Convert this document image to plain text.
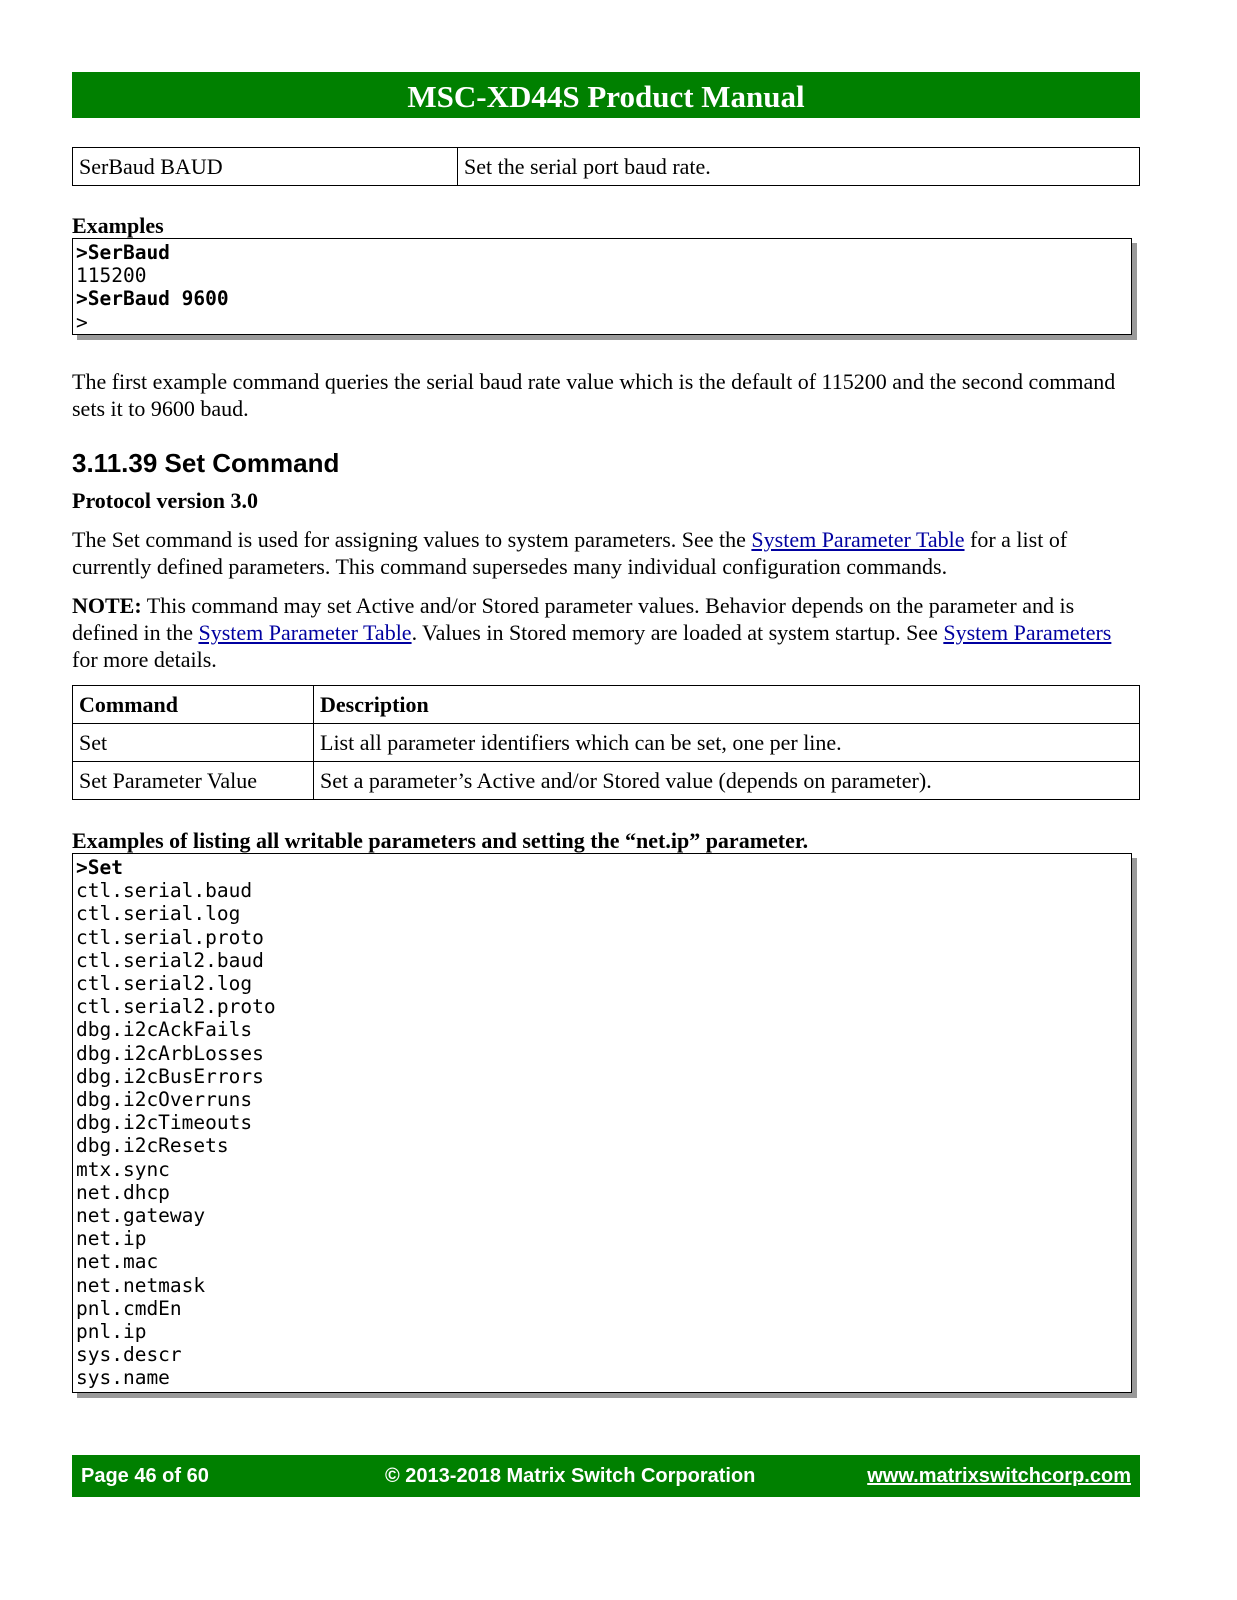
MSC-XD44S Product Manual
SerBaud BAUD	Set the serial port baud rate.
Examples
>SerBaud
115200
>SerBaud 9600
>

The first example command queries the serial baud rate value which is the default of 115200 and the second command sets it to 9600 baud.

3.11.39 Set Command

Protocol version 3.0

The Set command is used for assigning values to system parameters. See the System Parameter Table for a list of currently defined parameters. This command supersedes many individual configuration commands.

NOTE: This command may set Active and/or Stored parameter values. Behavior depends on the parameter and is defined in the System Parameter Table. Values in Stored memory are loaded at system startup. See System Parameters for more details.

Command	Description
Set	List all parameter identifiers which can be set, one per line.
Set Parameter Value	Set a parameter’s Active and/or Stored value (depends on parameter).
Examples of listing all writable parameters and setting the “net.ip” parameter.
>Set
ctl.serial.baud
ctl.serial.log
ctl.serial.proto
ctl.serial2.baud
ctl.serial2.log
ctl.serial2.proto
dbg.i2cAckFails
dbg.i2cArbLosses
dbg.i2cBusErrors
dbg.i2cOverruns
dbg.i2cTimeouts
dbg.i2cResets
mtx.sync
net.dhcp
net.gateway
net.ip
net.mac
net.netmask
pnl.cmdEn
pnl.ip
sys.descr
sys.name
Page 46 of 60	© 2013-2018 Matrix Switch Corporation	www.matrixswitchcorp.com
